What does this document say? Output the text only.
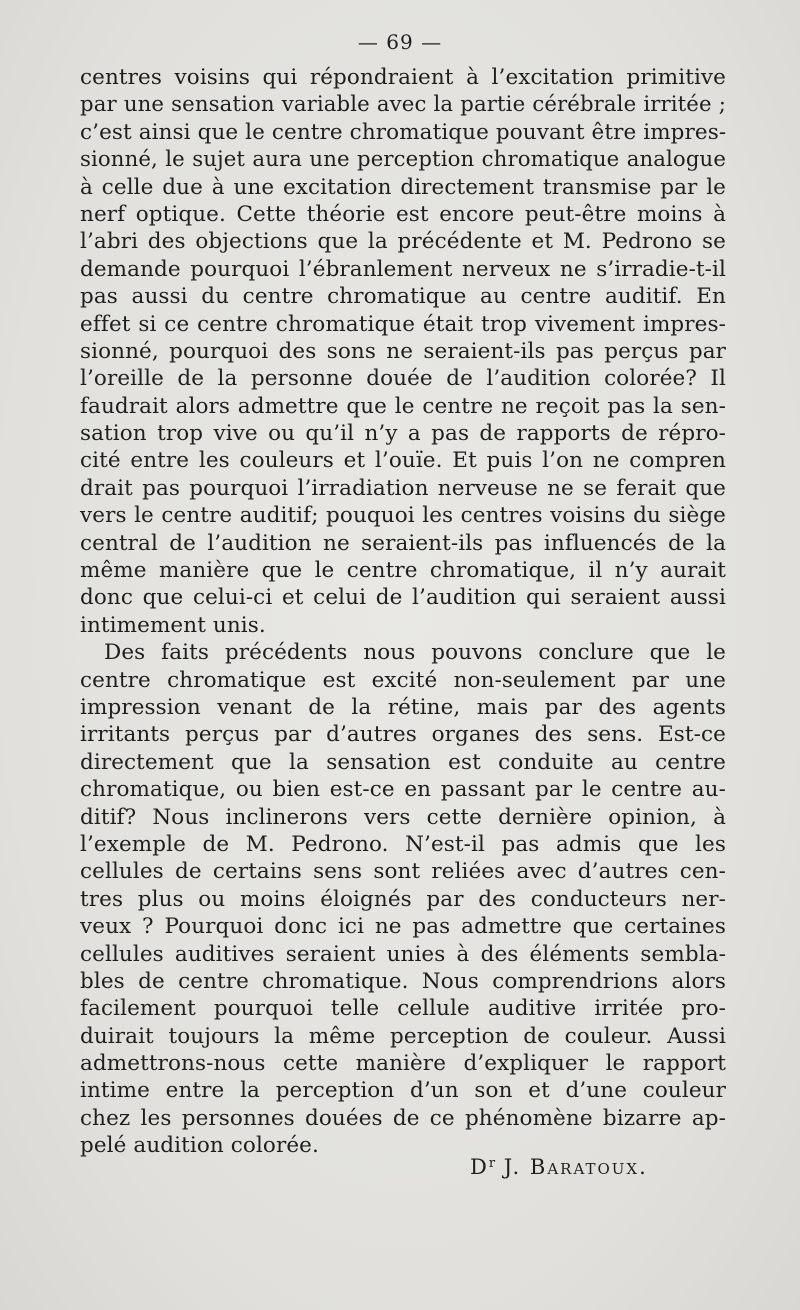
— 69 —
centres voisins qui répondraient à l’excitation primitive
par une sensation variable avec la partie cérébrale irritée ;
c’est ainsi que le centre chromatique pouvant être impres-
sionné, le sujet aura une perception chromatique analogue
à celle due à une excitation directement transmise par le
nerf optique. Cette théorie est encore peut-être moins à
l’abri des objections que la précédente et M. Pedrono se
demande pourquoi l’ébranlement nerveux ne s’irradie-t-il
pas aussi du centre chromatique au centre auditif. En
effet si ce centre chromatique était trop vivement impres-
sionné, pourquoi des sons ne seraient-ils pas perçus par
l’oreille de la personne douée de l’audition colorée? Il
faudrait alors admettre que le centre ne reçoit pas la sen-
sation trop vive ou qu’il n’y a pas de rapports de répro-
cité entre les couleurs et l’ouïe. Et puis l’on ne compren
drait pas pourquoi l’irradiation nerveuse ne se ferait que
vers le centre auditif; pouquoi les centres voisins du siège
central de l’audition ne seraient-ils pas influencés de la
même manière que le centre chromatique, il n’y aurait
donc que celui-ci et celui de l’audition qui seraient aussi
intimement unis.
Des faits précédents nous pouvons conclure que le
centre chromatique est excité non-seulement par une
impression venant de la rétine, mais par des agents
irritants perçus par d’autres organes des sens. Est-ce
directement que la sensation est conduite au centre
chromatique, ou bien est-ce en passant par le centre au-
ditif? Nous inclinerons vers cette dernière opinion, à
l’exemple de M. Pedrono. N’est-il pas admis que les
cellules de certains sens sont reliées avec d’autres cen-
tres plus ou moins éloignés par des conducteurs ner-
veux ? Pourquoi donc ici ne pas admettre que certaines
cellules auditives seraient unies à des éléments sembla-
bles de centre chromatique. Nous comprendrions alors
facilement pourquoi telle cellule auditive irritée pro-
duirait toujours la même perception de couleur. Aussi
admettrons-nous cette manière d’expliquer le rapport
intime entre la perception d’un son et d’une couleur
chez les personnes douées de ce phénomène bizarre ap-
pelé audition colorée.
$D^r$ J. Baratoux.
